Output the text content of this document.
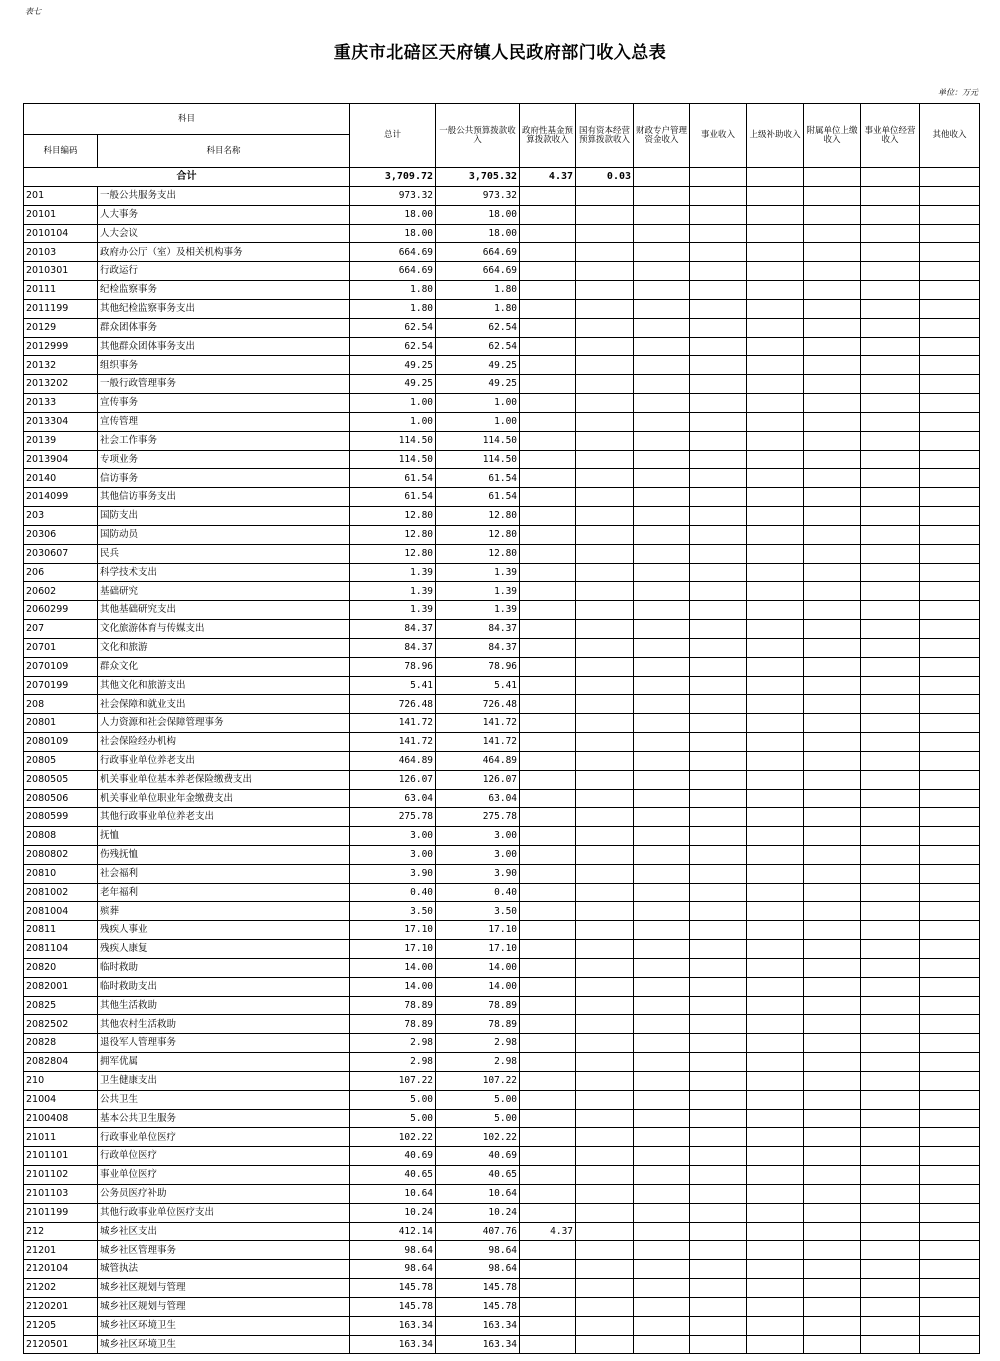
表七
重庆市北碚区天府镇人民政府部门收入总表
单位：万元
科目		总计	一般公共预算拨款收入	政府性基金预算拨款收入	国有资本经营预算拨款收入	财政专户管理资金收入	事业收入	上级补助收入	附属单位上缴收入	事业单位经营收入	其他收入
科目编码	科目名称										
合计		3,709.72	3,705.32	4.37	0.03						
201	一般公共服务支出	973.32	973.32								
20101	人大事务	18.00	18.00								
2010104	人大会议	18.00	18.00								
20103	政府办公厅（室）及相关机构事务	664.69	664.69								
2010301	行政运行	664.69	664.69								
20111	纪检监察事务	1.80	1.80								
2011199	其他纪检监察事务支出	1.80	1.80								
20129	群众团体事务	62.54	62.54								
2012999	其他群众团体事务支出	62.54	62.54								
20132	组织事务	49.25	49.25								
2013202	一般行政管理事务	49.25	49.25								
20133	宣传事务	1.00	1.00								
2013304	宣传管理	1.00	1.00								
20139	社会工作事务	114.50	114.50								
2013904	专项业务	114.50	114.50								
20140	信访事务	61.54	61.54								
2014099	其他信访事务支出	61.54	61.54								
203	国防支出	12.80	12.80								
20306	国防动员	12.80	12.80								
2030607	民兵	12.80	12.80								
206	科学技术支出	1.39	1.39								
20602	基础研究	1.39	1.39								
2060299	其他基础研究支出	1.39	1.39								
207	文化旅游体育与传媒支出	84.37	84.37								
20701	文化和旅游	84.37	84.37								
2070109	群众文化	78.96	78.96								
2070199	其他文化和旅游支出	5.41	5.41								
208	社会保障和就业支出	726.48	726.48								
20801	人力资源和社会保障管理事务	141.72	141.72								
2080109	社会保险经办机构	141.72	141.72								
20805	行政事业单位养老支出	464.89	464.89								
2080505	机关事业单位基本养老保险缴费支出	126.07	126.07								
2080506	机关事业单位职业年金缴费支出	63.04	63.04								
2080599	其他行政事业单位养老支出	275.78	275.78								
20808	抚恤	3.00	3.00								
2080802	伤残抚恤	3.00	3.00								
20810	社会福利	3.90	3.90								
2081002	老年福利	0.40	0.40								
2081004	殡葬	3.50	3.50								
20811	残疾人事业	17.10	17.10								
2081104	残疾人康复	17.10	17.10								
20820	临时救助	14.00	14.00								
2082001	临时救助支出	14.00	14.00								
20825	其他生活救助	78.89	78.89								
2082502	其他农村生活救助	78.89	78.89								
20828	退役军人管理事务	2.98	2.98								
2082804	拥军优属	2.98	2.98								
210	卫生健康支出	107.22	107.22								
21004	公共卫生	5.00	5.00								
2100408	基本公共卫生服务	5.00	5.00								
21011	行政事业单位医疗	102.22	102.22								
2101101	行政单位医疗	40.69	40.69								
2101102	事业单位医疗	40.65	40.65								
2101103	公务员医疗补助	10.64	10.64								
2101199	其他行政事业单位医疗支出	10.24	10.24								
212	城乡社区支出	412.14	407.76	4.37							
21201	城乡社区管理事务	98.64	98.64								
2120104	城管执法	98.64	98.64								
21202	城乡社区规划与管理	145.78	145.78								
2120201	城乡社区规划与管理	145.78	145.78								
21205	城乡社区环境卫生	163.34	163.34								
2120501	城乡社区环境卫生	163.34	163.34								
